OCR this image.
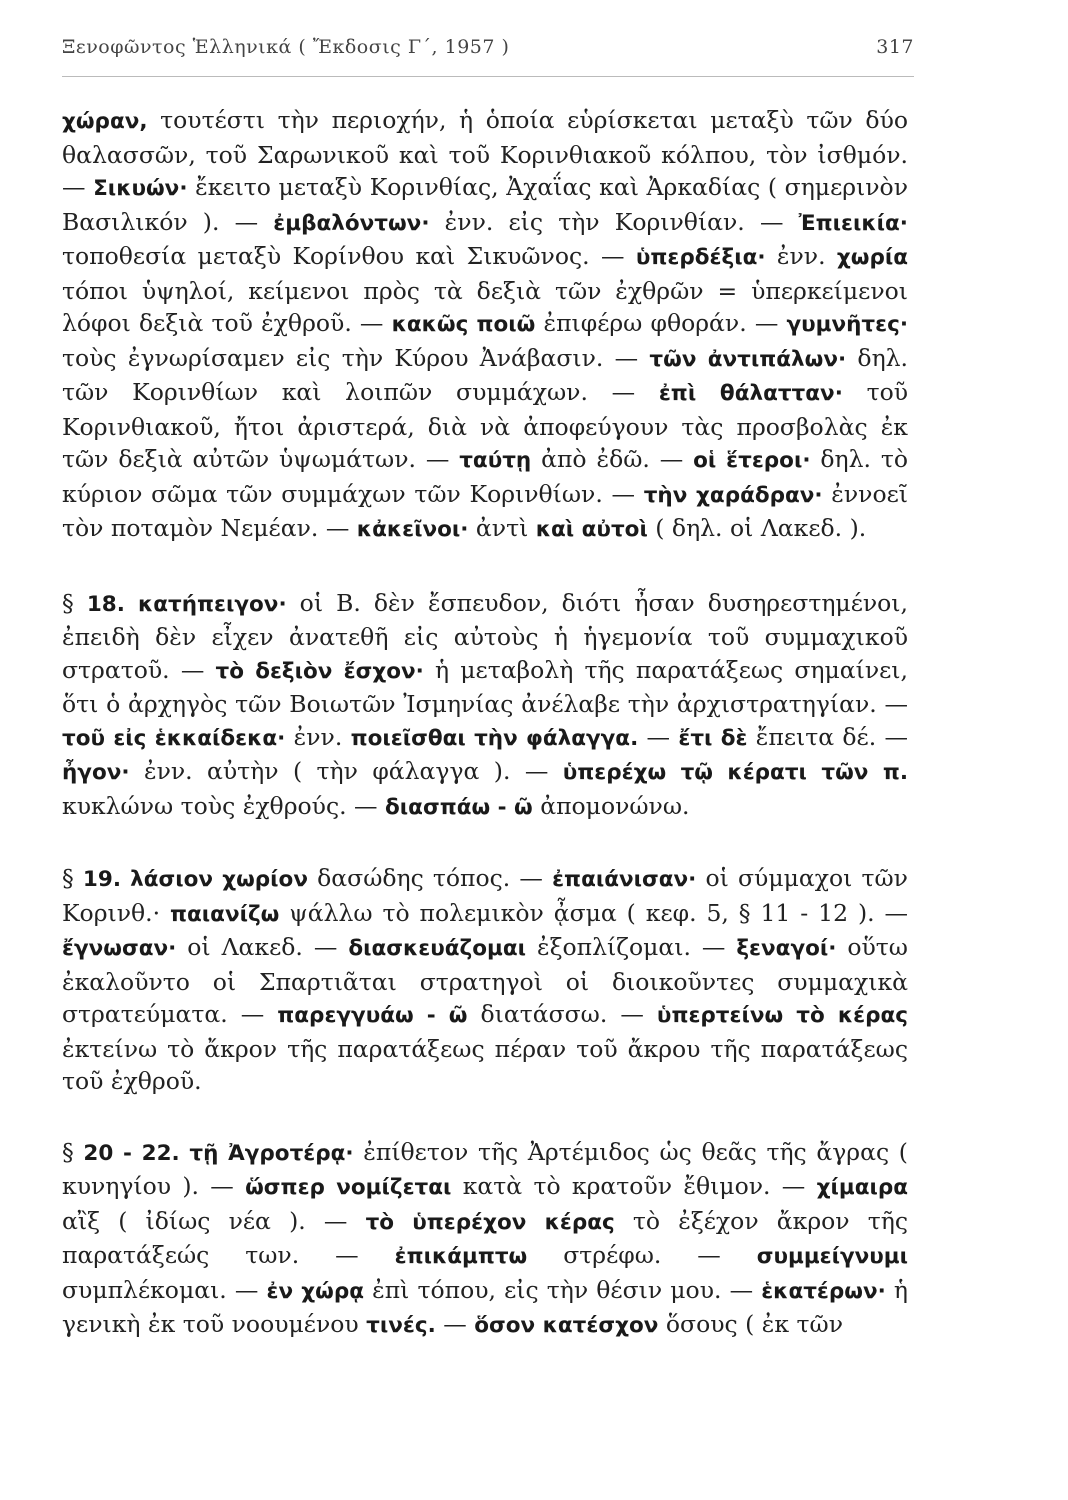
Ξενοφῶντος Ἑλληνικά ( Ἔκδοσις Γ΄, 1957 )	317

χώραν, τουτέστι τὴν περιοχήν, ἡ ὁποία εὑρίσκεται μεταξὺ τῶν δύο θαλασσῶν, τοῦ Σαρωνικοῦ καὶ τοῦ Κορινθιακοῦ κόλπου, τὸν ἰσθμόν. — Σικυών· ἔκειτο μεταξὺ Κορινθίας, Ἀχαΐας καὶ Ἀρκαδίας ( σημερινὸν Βασιλικόν ). — ἐμβαλόντων· ἐνν. εἰς τὴν Κορινθίαν. — Ἐπιεικία· τοποθεσία μεταξὺ Κορίνθου καὶ Σικυῶνος. — ὑπερδέξια· ἐνν. χωρία τόποι ὑψηλοί, κείμενοι πρὸς τὰ δεξιὰ τῶν ἐχθρῶν = ὑπερκείμενοι λόφοι δεξιὰ τοῦ ἐχθροῦ. — κακῶς ποιῶ ἐπιφέρω φθοράν. — γυμνῆτες· τοὺς ἐγνωρίσαμεν εἰς τὴν Κύρου Ἀνάβασιν. — τῶν ἀντιπάλων· δηλ. τῶν Κορινθίων καὶ λοιπῶν συμμάχων. — ἐπὶ θάλατταν· τοῦ Κορινθιακοῦ, ἤτοι ἀριστερά, διὰ νὰ ἀποφεύγουν τὰς προσβολὰς ἐκ τῶν δεξιὰ αὐτῶν ὑψωμάτων. — ταύτῃ ἀπὸ ἐδῶ. — οἱ ἕτεροι· δηλ. τὸ κύριον σῶμα τῶν συμμάχων τῶν Κορινθίων. — τὴν χαράδραν· ἐννοεῖ τὸν ποταμὸν Νεμέαν. — κἀκεῖνοι· ἀντὶ καὶ αὐτοὶ ( δηλ. οἱ Λακεδ. ).

§ 18. κατήπειγον· οἱ Β. δὲν ἔσπευδον, διότι ἦσαν δυσηρεστημένοι, ἐπειδὴ δὲν εἶχεν ἀνατεθῆ εἰς αὐτοὺς ἡ ἡγεμονία τοῦ συμμαχικοῦ στρατοῦ. — τὸ δεξιὸν ἔσχον· ἡ μεταβολὴ τῆς παρατάξεως σημαίνει, ὅτι ὁ ἀρχηγὸς τῶν Βοιωτῶν Ἰσμηνίας ἀνέλαβε τὴν ἀρχιστρατηγίαν. — τοῦ εἰς ἑκκαίδεκα· ἐνν. ποιεῖσθαι τὴν φάλαγγα. — ἔτι δὲ ἔπειτα δέ. — ἦγον· ἐνν. αὐτὴν ( τὴν φάλαγγα ). — ὑπερέχω τῷ κέρατι τῶν π. κυκλώνω τοὺς ἐχθρούς. — διασπάω - ῶ ἀπομονώνω.

§ 19. λάσιον χωρίον δασώδης τόπος. — ἐπαιάνισαν· οἱ σύμμαχοι τῶν Κορινθ.· παιανίζω ψάλλω τὸ πολεμικὸν ᾆσμα ( κεφ. 5, § 11 - 12 ). — ἔγνωσαν· οἱ Λακεδ. — διασκευάζομαι ἐξοπλίζομαι. — ξεναγοί· οὕτω ἐκαλοῦντο οἱ Σπαρτιᾶται στρατηγοὶ οἱ διοικοῦντες συμμαχικὰ στρατεύματα. — παρεγγυάω - ῶ διατάσσω. — ὑπερτείνω τὸ κέρας ἐκτείνω τὸ ἄκρον τῆς παρατάξεως πέραν τοῦ ἄκρου τῆς παρατάξεως τοῦ ἐχθροῦ.

§ 20 - 22. τῇ Ἀγροτέρᾳ· ἐπίθετον τῆς Ἀρτέμιδος ὡς θεᾶς τῆς ἄγρας ( κυνηγίου ). — ὥσπερ νομίζεται κατὰ τὸ κρατοῦν ἔθιμον. — χίμαιρα αἲξ ( ἰδίως νέα ). — τὸ ὑπερέχον κέρας τὸ ἐξέχον ἄκρον τῆς παρατάξεώς των. — ἐπικάμπτω στρέφω. — συμμείγνυμι συμπλέκομαι. — ἐν χώρᾳ ἐπὶ τόπου, εἰς τὴν θέσιν μου. — ἑκατέρων· ἡ γενικὴ ἐκ τοῦ νοουμένου τινές. — ὅσον κατέσχον ὅσους ( ἐκ τῶν
